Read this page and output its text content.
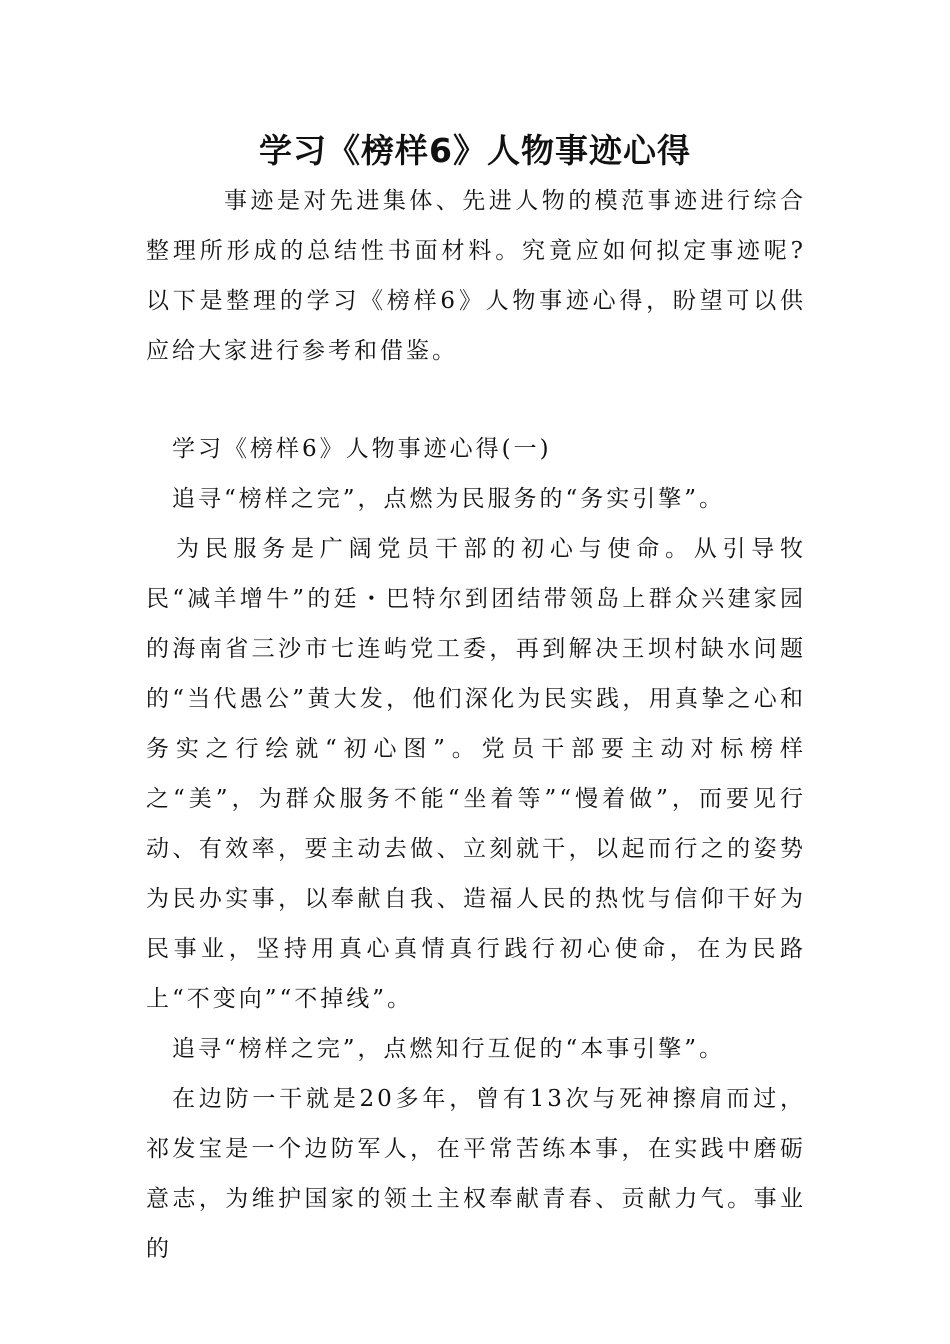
学习《榜样6》人物事迹心得

事迹是对先进集体、先进人物的模范事迹进行综合整理所形成的总结性书面材料。究竟应如何拟定事迹呢?以下是整理的学习《榜样6》人物事迹心得，盼望可以供应给大家进行参考和借鉴。

学习《榜样6》人物事迹心得(一)

追寻“榜样之完”，点燃为民服务的“务实引擎”。

为民服务是广阔党员干部的初心与使命。从引导牧民“减羊增牛”的廷・巴特尔到团结带领岛上群众兴建家园的海南省三沙市七连屿党工委，再到解决王坝村缺水问题的“当代愚公”黄大发，他们深化为民实践，用真挚之心和务实之行绘就“初心图”。党员干部要主动对标榜样之“美”，为群众服务不能“坐着等”“慢着做”，而要见行动、有效率，要主动去做、立刻就干，以起而行之的姿势为民办实事，以奉献自我、造福人民的热忱与信仰干好为民事业，坚持用真心真情真行践行初心使命，在为民路上“不变向”“不掉线”。

追寻“榜样之完”，点燃知行互促的“本事引擎”。

在边防一干就是20多年，曾有13次与死神擦肩而过，祁发宝是一个边防军人，在平常苦练本事，在实践中磨砺意志，为维护国家的领土主权奉献青春、贡献力气。事业的
